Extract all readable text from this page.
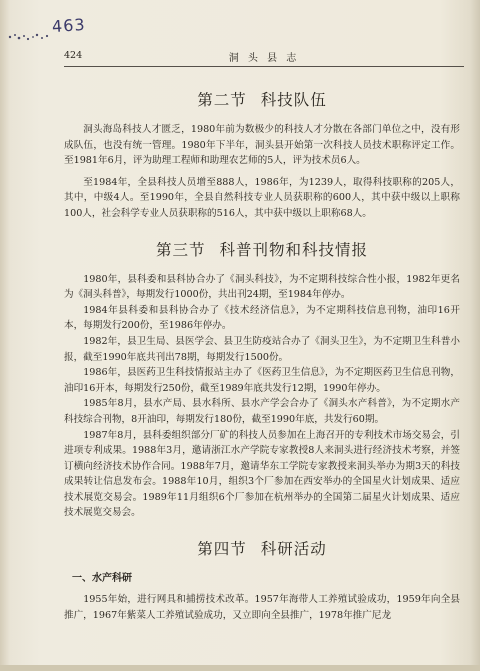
463
424	洞 头 县 志
第二节 科技队伍

洞头海岛科技人才匮乏，1980年前为数极少的科技人才分散在各部门单位之中，没有形成队伍，也没有统一管理。1980年下半年，洞头县开始第一次科技人员技术职称评定工作。至1981年6月，评为助理工程师和助理农艺师的5人，评为技术员6人。

至1984年，全县科技人员增至888人，1986年，为1239人，取得科技职称的205人，其中，中级4人。至1990年，全县自然科技专业人员获职称的600人，其中获中级以上职称100人，社会科学专业人员获职称的516人，其中获中级以上职称68人。

第三节 科普刊物和科技情报

1980年，县科委和县科协合办了《洞头科技》，为不定期科技综合性小报，1982年更名为《洞头科普》，每期发行1000份，共出刊24期，至1984年停办。

1984年县科委和县科协合办了《技术经济信息》，为不定期科技信息刊物，油印16开本，每期发行200份，至1986年停办。

1982年，县卫生局、县医学会、县卫生防疫站合办了《洞头卫生》，为不定期卫生科普小报，截至1990年底共刊出78期，每期发行1500份。

1986年，县医药卫生科技情报站主办了《医药卫生信息》，为不定期医药卫生信息刊物，油印16开本，每期发行250份，截至1989年底共发行12期，1990年停办。

1985年8月，县水产局、县水科所、县水产学会合办了《洞头水产科普》，为不定期水产科技综合刊物，8开油印，每期发行180份，截至1990年底，共发行60期。

1987年8月，县科委组织部分厂矿的科技人员参加在上海召开的专利技术市场交易会，引进项专利成果。1988年3月，邀请浙江水产学院专家教授8人来洞头进行经济技术考察，并签订横向经济技术协作合同。1988年7月，邀请华东工学院专家教授来洞头举办为期3天的科技成果转让信息发布会。1988年10月，组织3个厂参加在西安举办的全国星火计划成果、适应技术展览交易会。1989年11月组织6个厂参加在杭州举办的全国第二届星火计划成果、适应技术展览交易会。

第四节 科研活动
一、水产科研

1955年始，进行网具和捕捞技术改革。1957年海带人工养殖试验成功，1959年向全县推广，1967年紫菜人工养殖试验成功，又立即向全县推广，1978年推广尼龙
